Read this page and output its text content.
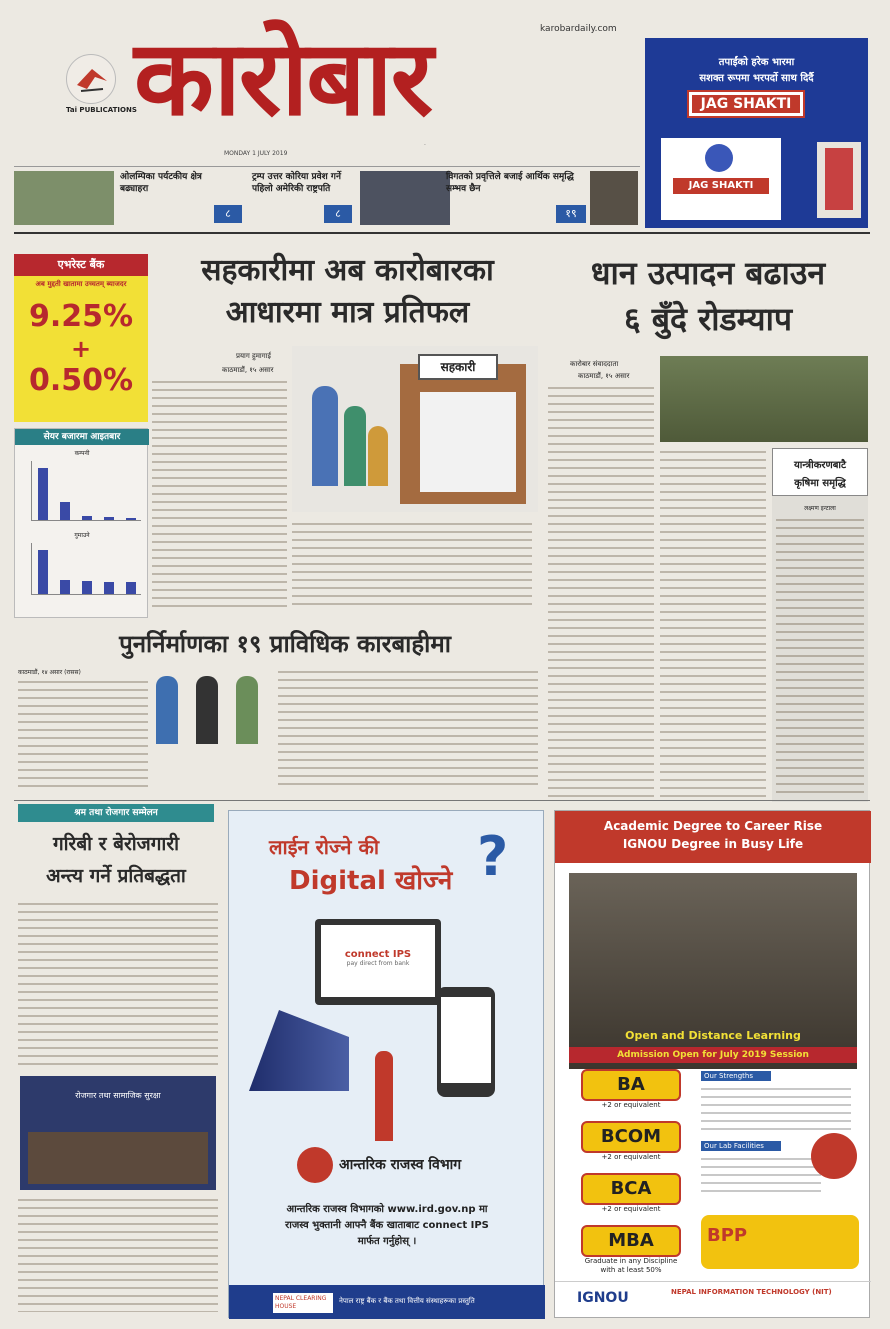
Tai PUBLICATIONS
karobardaily.com
कारोबार
MONDAY 1 JULY 2019
.
तपाईंको हरेक भारमा
सशक्त रूपमा भरपर्दो साथ दिर्दै
JAG SHAKTI
JAG SHAKTI
ओलम्पिका पर्यटकीय क्षेत्र बढ्याहरा
८
ट्रम्प उत्तर कोरिया प्रवेश गर्ने पहिलो अमेरिकी राष्ट्रपति
८
विगतको प्रवृत्तिले बजाई आर्थिक समृद्धि सम्भव छैन
१९
एभरेस्ट बैंक
अब मुद्दती खातामा उच्चतम् ब्याजदर
9.25%
+
0.50%
सेयर बजारमा आइतबार
कम्पनी
गुमाउने
सहकारीमा अब कारोबारका
आधारमा मात्र प्रतिफल
प्रयाग हुमागाई
काठमाडौं, १५ असार	सहकारी
धान उत्पादन बढाउन
६ बुँदे रोडम्याप
कारोबार संवाददाता
काठमाडौं, १५ असार
यान्त्रीकरणबाटै
कृषिमा समृद्धि
लक्ष्मण इन्टाला
पुनर्निर्माणका १९ प्राविधिक कारबाहीमा
काठमाडौं, १४ असार (रासस)
श्रम तथा रोजगार सम्मेलन
गरिबी र बेरोजगारी
अन्त्य गर्ने प्रतिबद्धता
रोजगार तथा सामाजिक सुरक्षा
लाईन रोज्ने की
Digital खोज्ने ?
connect IPS
pay direct from bank
आन्तरिक राजस्व विभाग
आन्तरिक राजस्व विभागको www.ird.gov.np मा
राजस्व भुक्तानी आफ्नै बैंक खाताबाट connect IPS
मार्फत गर्नुहोस् ।
NEPAL CLEARING HOUSE
नेपाल राष्ट्र बैंक र बैंक तथा वित्तीय संस्थाहरूका प्रस्तुति
Academic Degree to Career Rise
IGNOU Degree in Busy Life
Open and Distance Learning
Admission Open for July 2019 Session
BA
+2 or equivalent
BCOM
+2 or equivalent
BCA
+2 or equivalent
MBA
Graduate in any Discipline with at least 50%
Our Strengths
Our Lab Facilities
BPP
IGNOU	NEPAL INFORMATION TECHNOLOGY (NIT)
